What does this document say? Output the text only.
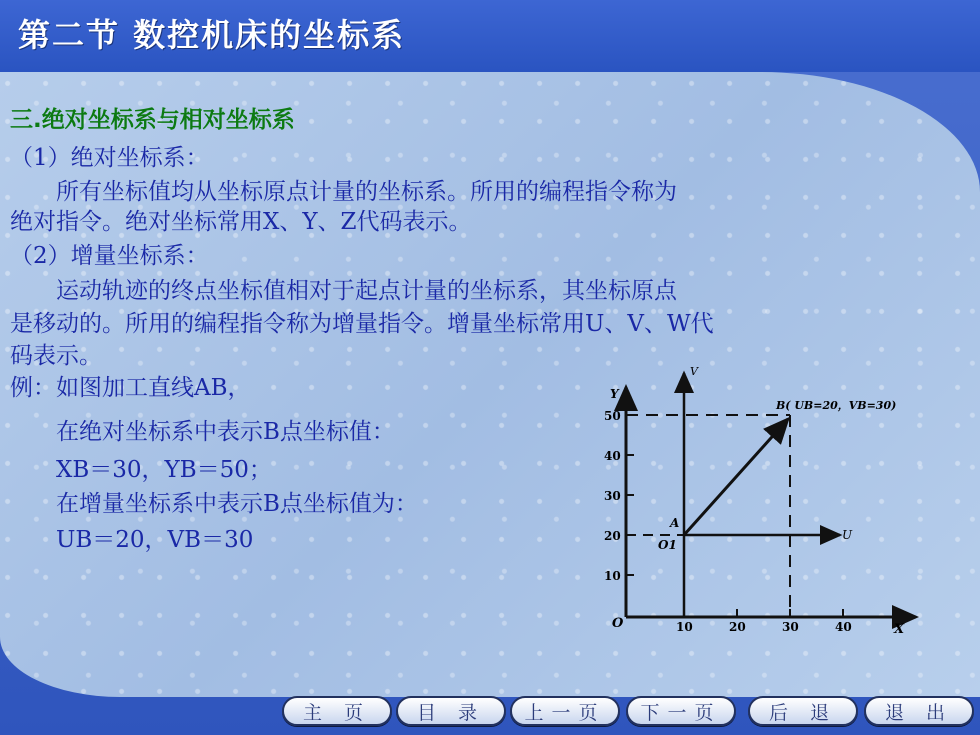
第二节 数控机床的坐标系
三.绝对坐标系与相对坐标系
（1）绝对坐标系：
　　所有坐标值均从坐标原点计量的坐标系。所用的编程指令称为
绝对指令。绝对坐标常用X、Y、Z代码表示。
（2）增量坐标系：
　　运动轨迹的终点坐标值相对于起点计量的坐标系，其坐标原点
是移动的。所用的编程指令称为增量指令。增量坐标常用U、V、W代
码表示。
例：如图加工直线AB，
　　在绝对坐标系中表示B点坐标值：
　　XB＝30，YB＝50；
　　在增量坐标系中表示B点坐标值为：
　　UB＝20，VB＝30
50
40
30
20
10
10	20	30	40
Y
X
O
V
U
A
O1
B( UB=20，VB=30)
主 页	目 录	上一页	下一页	后 退	退 出
